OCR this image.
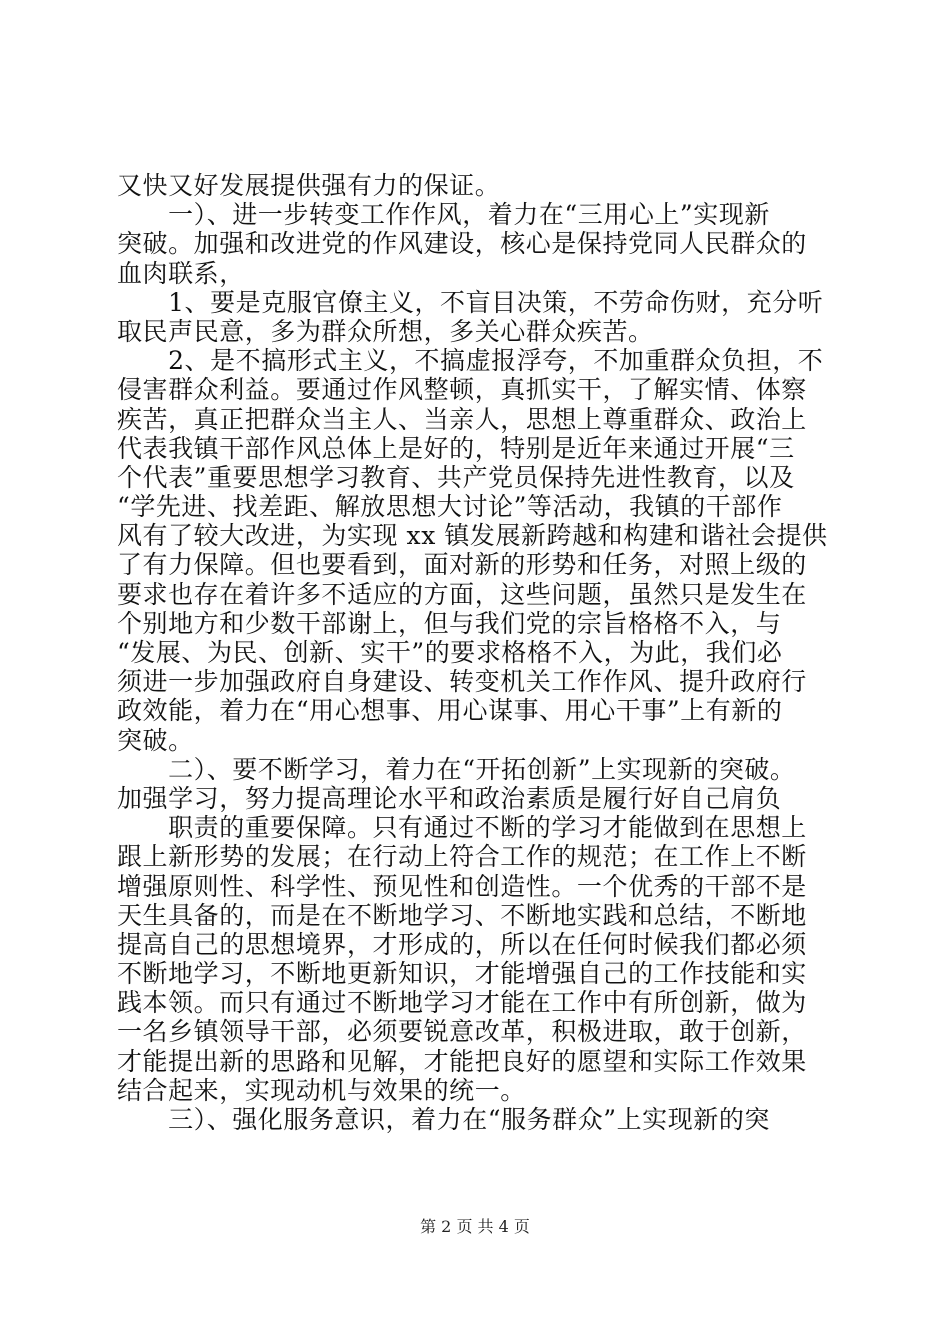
又快又好发展提供强有力的保证。
　　一）、进一步转变工作作风，着力在“三用心上”实现新
突破。加强和改进党的作风建设，核心是保持党同人民群众的
血肉联系，
　　1、要是克服官僚主义，不盲目决策，不劳命伤财，充分听
取民声民意，多为群众所想，多关心群众疾苦。
　　2、是不搞形式主义，不搞虚报浮夸，不加重群众负担，不
侵害群众利益。要通过作风整顿，真抓实干，了解实情、体察
疾苦，真正把群众当主人、当亲人，思想上尊重群众、政治上
代表我镇干部作风总体上是好的，特别是近年来通过开展“三
个代表”重要思想学习教育、共产党员保持先进性教育，以及
“学先进、找差距、解放思想大讨论”等活动，我镇的干部作
风有了较大改进，为实现 xx 镇发展新跨越和构建和谐社会提供
了有力保障。但也要看到，面对新的形势和任务，对照上级的
要求也存在着许多不适应的方面，这些问题，虽然只是发生在
个别地方和少数干部谢上，但与我们党的宗旨格格不入，与
“发展、为民、创新、实干”的要求格格不入，为此，我们必
须进一步加强政府自身建设、转变机关工作作风、提升政府行
政效能，着力在“用心想事、用心谋事、用心干事”上有新的
突破。
　　二）、要不断学习，着力在“开拓创新”上实现新的突破。
加强学习，努力提高理论水平和政治素质是履行好自己肩负
　　职责的重要保障。只有通过不断的学习才能做到在思想上
跟上新形势的发展；在行动上符合工作的规范；在工作上不断
增强原则性、科学性、预见性和创造性。一个优秀的干部不是
天生具备的，而是在不断地学习、不断地实践和总结，不断地
提高自己的思想境界，才形成的，所以在任何时候我们都必须
不断地学习，不断地更新知识，才能增强自己的工作技能和实
践本领。而只有通过不断地学习才能在工作中有所创新，做为
一名乡镇领导干部，必须要锐意改革，积极进取，敢于创新，
才能提出新的思路和见解，才能把良好的愿望和实际工作效果
结合起来，实现动机与效果的统一。
　　三）、强化服务意识，着力在“服务群众”上实现新的突
第 2 页 共 4 页
